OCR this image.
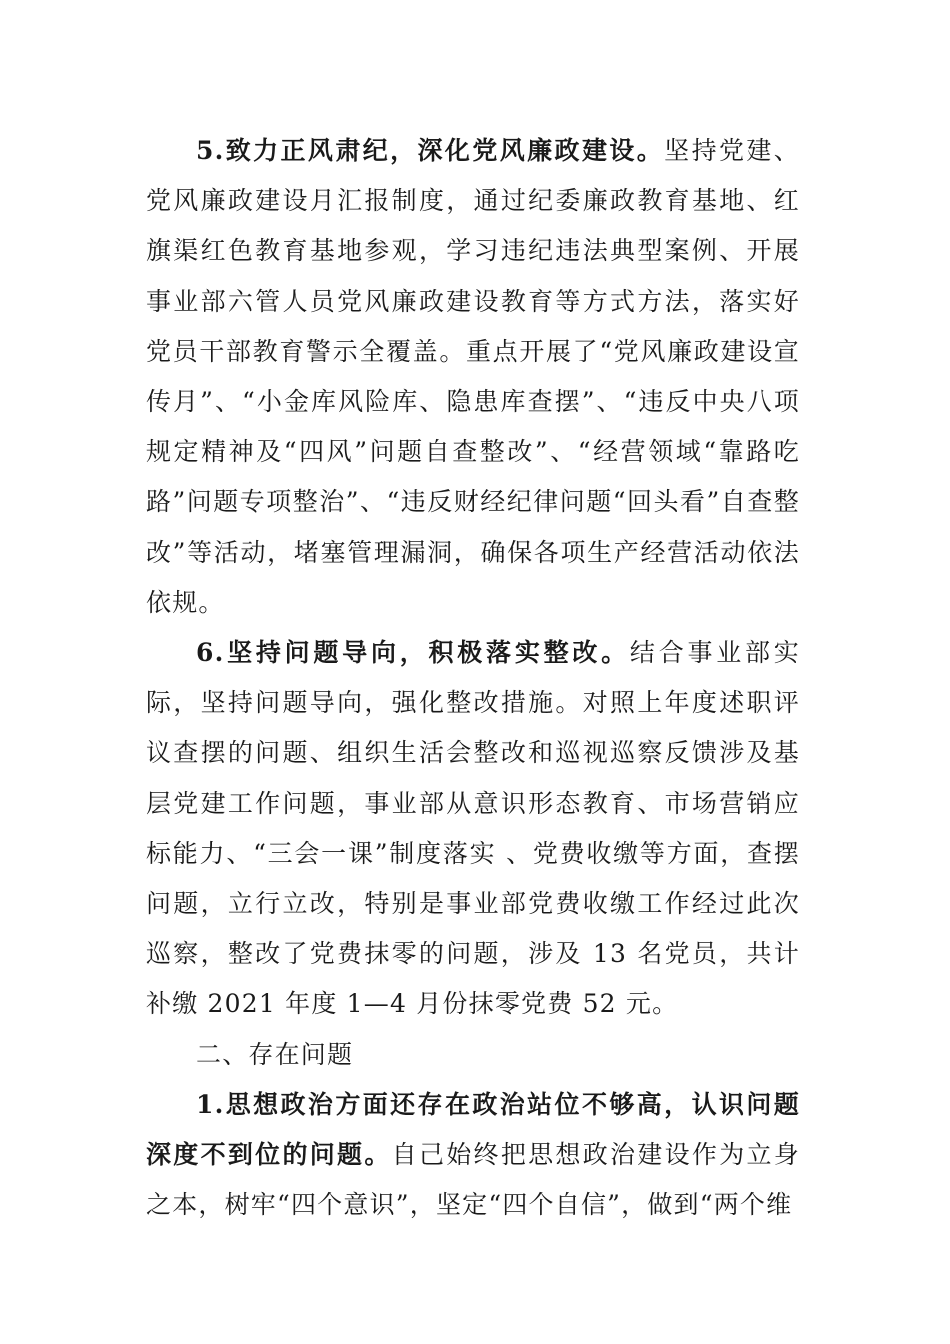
5.致力正风肃纪，深化党风廉政建设。坚持党建、党风廉政建设月汇报制度，通过纪委廉政教育基地、红旗渠红色教育基地参观，学习违纪违法典型案例、开展事业部六管人员党风廉政建设教育等方式方法，落实好党员干部教育警示全覆盖。重点开展了“党风廉政建设宣传月”、“小金库风险库、隐患库查摆”、“违反中央八项规定精神及“四风”问题自查整改”、“经营领域“靠路吃路”问题专项整治”、“违反财经纪律问题“回头看”自查整改”等活动，堵塞管理漏洞，确保各项生产经营活动依法依规。

6.坚持问题导向，积极落实整改。结合事业部实际，坚持问题导向，强化整改措施。对照上年度述职评议查摆的问题、组织生活会整改和巡视巡察反馈涉及基层党建工作问题，事业部从意识形态教育、市场营销应标能力、“三会一课”制度落实 、党费收缴等方面，查摆问题，立行立改，特别是事业部党费收缴工作经过此次巡察，整改了党费抹零的问题，涉及 13 名党员，共计补缴 2021 年度 1—4 月份抹零党费 52 元。

二、存在问题

1.思想政治方面还存在政治站位不够高，认识问题深度不到位的问题。自己始终把思想政治建设作为立身之本，树牢“四个意识”，坚定“四个自信”，做到“两个维
